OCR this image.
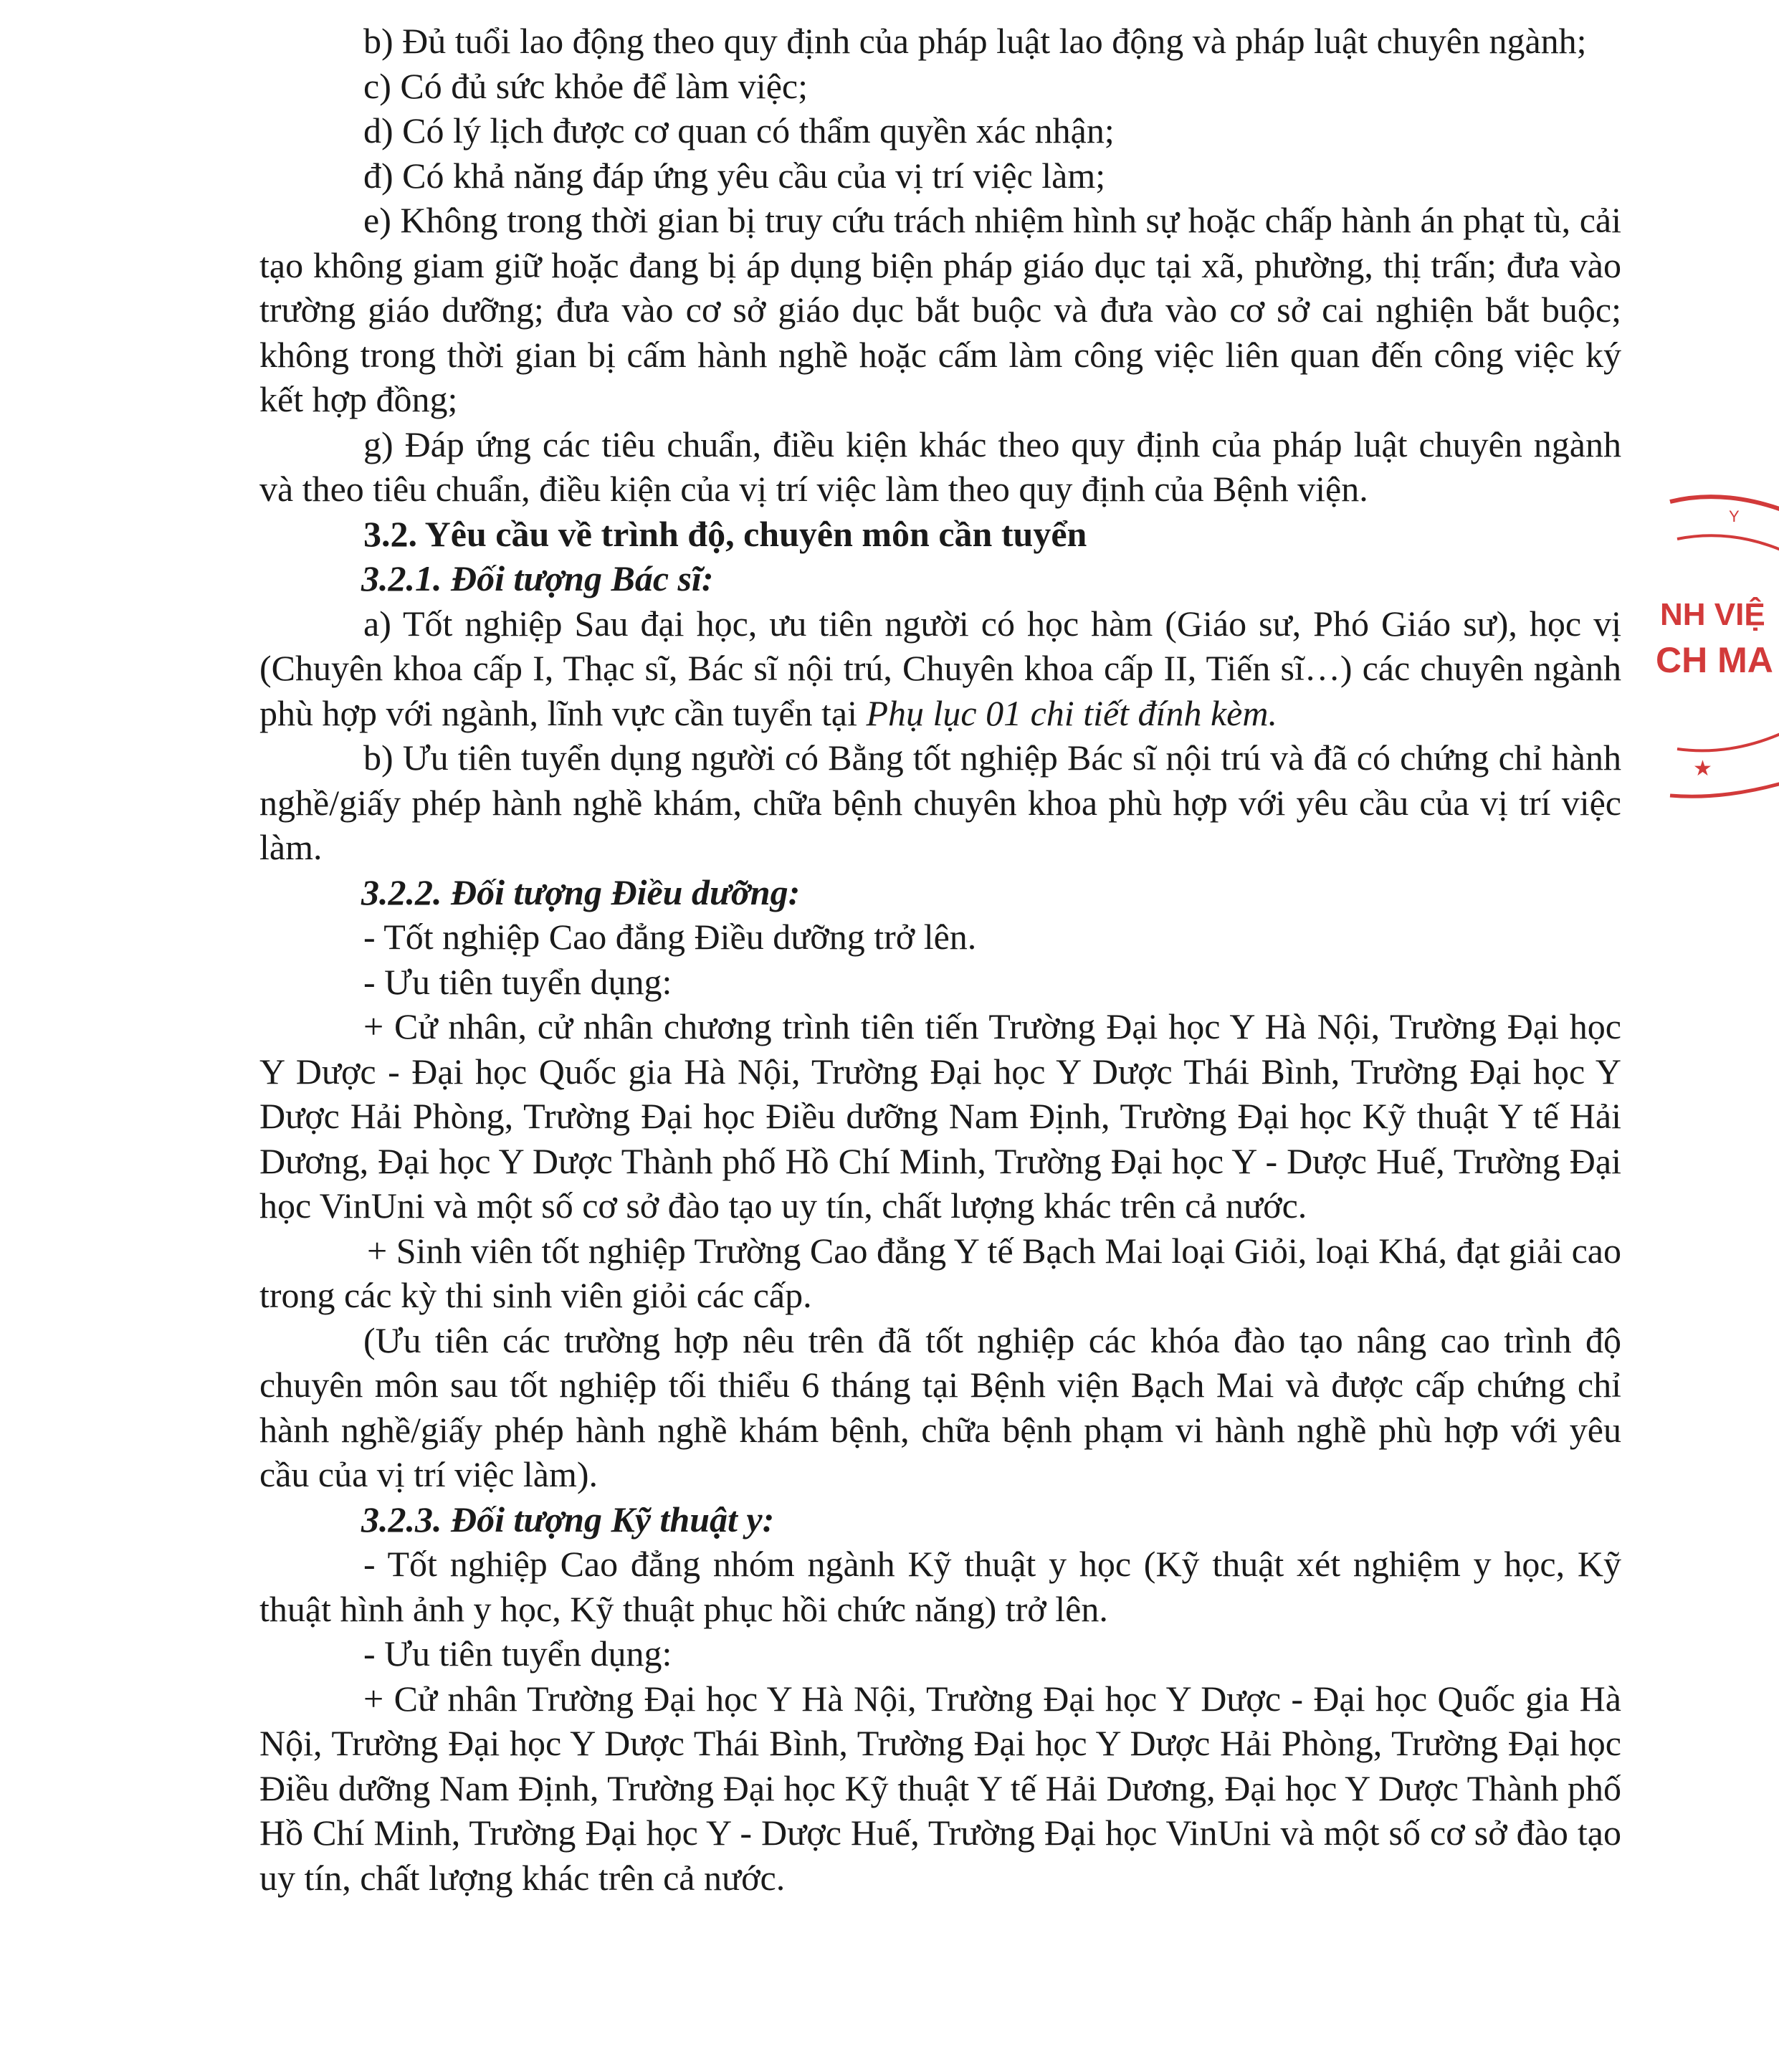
b) Đủ tuổi lao động theo quy định của pháp luật lao động và pháp luật chuyên ngành;

c) Có đủ sức khỏe để làm việc;

d) Có lý lịch được cơ quan có thẩm quyền xác nhận;

đ) Có khả năng đáp ứng yêu cầu của vị trí việc làm;

e) Không trong thời gian bị truy cứu trách nhiệm hình sự hoặc chấp hành án phạt tù, cải tạo không giam giữ hoặc đang bị áp dụng biện pháp giáo dục tại xã, phường, thị trấn; đưa vào trường giáo dưỡng; đưa vào cơ sở giáo dục bắt buộc và đưa vào cơ sở cai nghiện bắt buộc; không trong thời gian bị cấm hành nghề hoặc cấm làm công việc liên quan đến công việc ký kết hợp đồng;

g) Đáp ứng các tiêu chuẩn, điều kiện khác theo quy định của pháp luật chuyên ngành và theo tiêu chuẩn, điều kiện của vị trí việc làm theo quy định của Bệnh viện.

3.2. Yêu cầu về trình độ, chuyên môn cần tuyển

3.2.1. Đối tượng Bác sĩ:

a) Tốt nghiệp Sau đại học, ưu tiên người có học hàm (Giáo sư, Phó Giáo sư), học vị (Chuyên khoa cấp I, Thạc sĩ, Bác sĩ nội trú, Chuyên khoa cấp II, Tiến sĩ…) các chuyên ngành phù hợp với ngành, lĩnh vực cần tuyển tại Phụ lục 01 chi tiết đính kèm.

b) Ưu tiên tuyển dụng người có Bằng tốt nghiệp Bác sĩ nội trú và đã có chứng chỉ hành nghề/giấy phép hành nghề khám, chữa bệnh chuyên khoa phù hợp với yêu cầu của vị trí việc làm.

3.2.2. Đối tượng Điều dưỡng:

- Tốt nghiệp Cao đẳng Điều dưỡng trở lên.

- Ưu tiên tuyển dụng:

+ Cử nhân, cử nhân chương trình tiên tiến Trường Đại học Y Hà Nội, Trường Đại học Y Dược - Đại học Quốc gia Hà Nội, Trường Đại học Y Dược Thái Bình, Trường Đại học Y Dược Hải Phòng, Trường Đại học Điều dưỡng Nam Định, Trường Đại học Kỹ thuật Y tế Hải Dương, Đại học Y Dược Thành phố Hồ Chí Minh, Trường Đại học Y - Dược Huế, Trường Đại học VinUni và một số cơ sở đào tạo uy tín, chất lượng khác trên cả nước.

+ Sinh viên tốt nghiệp Trường Cao đẳng Y tế Bạch Mai loại Giỏi, loại Khá, đạt giải cao trong các kỳ thi sinh viên giỏi các cấp.

(Ưu tiên các trường hợp nêu trên đã tốt nghiệp các khóa đào tạo nâng cao trình độ chuyên môn sau tốt nghiệp tối thiểu 6 tháng tại Bệnh viện Bạch Mai và được cấp chứng chỉ hành nghề/giấy phép hành nghề khám bệnh, chữa bệnh phạm vi hành nghề phù hợp với yêu cầu của vị trí việc làm).

3.2.3. Đối tượng Kỹ thuật y:

- Tốt nghiệp Cao đẳng nhóm ngành Kỹ thuật y học (Kỹ thuật xét nghiệm y học, Kỹ thuật hình ảnh y học, Kỹ thuật phục hồi chức năng) trở lên.

- Ưu tiên tuyển dụng:

+ Cử nhân Trường Đại học Y Hà Nội, Trường Đại học Y Dược - Đại học Quốc gia Hà Nội, Trường Đại học Y Dược Thái Bình, Trường Đại học Y Dược Hải Phòng, Trường Đại học Điều dưỡng Nam Định, Trường Đại học Kỹ thuật Y tế Hải Dương, Đại học Y Dược Thành phố Hồ Chí Minh, Trường Đại học Y - Dược Huế, Trường Đại học VinUni và một số cơ sở đào tạo uy tín, chất lượng khác trên cả nước.

Y
NH VIỆ
CH MA
★
